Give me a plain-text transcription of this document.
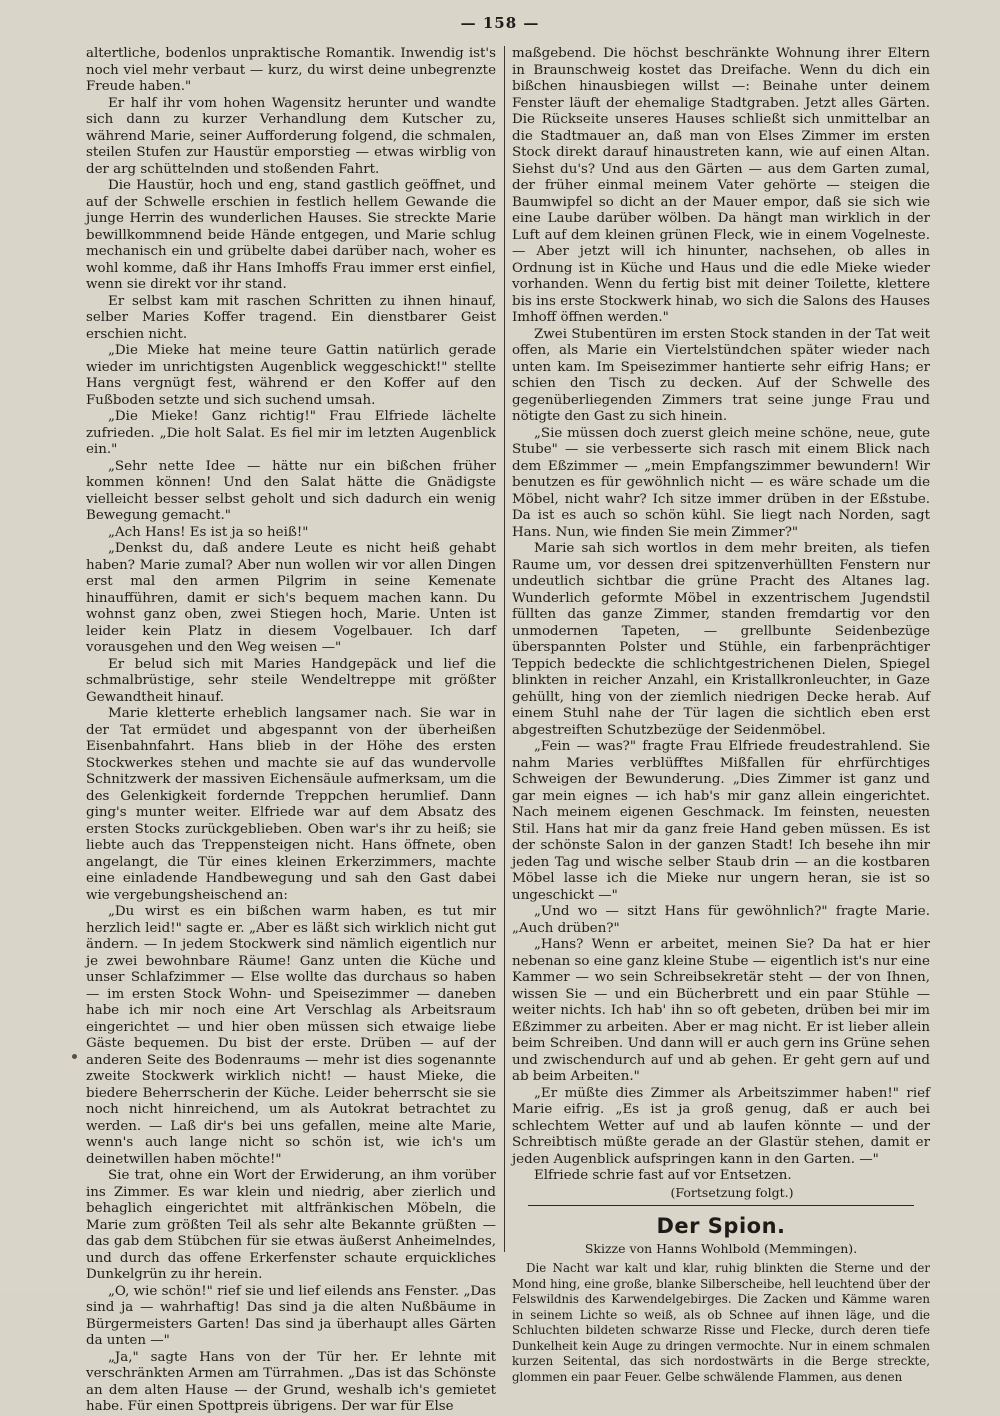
— 158 —

altertliche, bodenlos unpraktische Romantik. Inwendig ist's noch viel mehr verbaut — kurz, du wirst deine unbegrenzte Freude haben."

Er half ihr vom hohen Wagensitz herunter und wandte sich dann zu kurzer Verhandlung dem Kutscher zu, während Marie, seiner Aufforderung folgend, die schmalen, steilen Stufen zur Haustür emporstieg — etwas wirblig von der arg schüttelnden und stoßenden Fahrt.

Die Haustür, hoch und eng, stand gastlich geöffnet, und auf der Schwelle erschien in festlich hellem Gewande die junge Herrin des wunderlichen Hauses. Sie streckte Marie bewillkommnend beide Hände entgegen, und Marie schlug mechanisch ein und grübelte dabei darüber nach, woher es wohl komme, daß ihr Hans Imhoffs Frau immer erst einfiel, wenn sie direkt vor ihr stand.

Er selbst kam mit raschen Schritten zu ihnen hinauf, selber Maries Koffer tragend. Ein dienstbarer Geist erschien nicht.

„Die Mieke hat meine teure Gattin natürlich gerade wieder im unrichtigsten Augenblick weggeschickt!" stellte Hans vergnügt fest, während er den Koffer auf den Fußboden setzte und sich suchend umsah.

„Die Mieke! Ganz richtig!" Frau Elfriede lächelte zufrieden. „Die holt Salat. Es fiel mir im letzten Augenblick ein."

„Sehr nette Idee — hätte nur ein bißchen früher kommen können! Und den Salat hätte die Gnädigste vielleicht besser selbst geholt und sich dadurch ein wenig Bewegung gemacht."

„Ach Hans! Es ist ja so heiß!"

„Denkst du, daß andere Leute es nicht heiß gehabt haben? Marie zumal? Aber nun wollen wir vor allen Dingen erst mal den armen Pilgrim in seine Kemenate hinaufführen, damit er sich's bequem machen kann. Du wohnst ganz oben, zwei Stiegen hoch, Marie. Unten ist leider kein Platz in diesem Vogelbauer. Ich darf vorausgehen und den Weg weisen —"

Er belud sich mit Maries Handgepäck und lief die schmalbrüstige, sehr steile Wendeltreppe mit größter Gewandtheit hinauf.

Marie kletterte erheblich langsamer nach. Sie war in der Tat ermüdet und abgespannt von der überheißen Eisenbahnfahrt. Hans blieb in der Höhe des ersten Stockwerkes stehen und machte sie auf das wundervolle Schnitzwerk der massiven Eichensäule aufmerksam, um die des Gelenkigkeit fordernde Treppchen herumlief. Dann ging's munter weiter. Elfriede war auf dem Absatz des ersten Stocks zurückgeblieben. Oben war's ihr zu heiß; sie liebte auch das Treppensteigen nicht. Hans öffnete, oben angelangt, die Tür eines kleinen Erkerzimmers, machte eine einladende Handbewegung und sah den Gast dabei wie vergebungsheischend an:

„Du wirst es ein bißchen warm haben, es tut mir herzlich leid!" sagte er. „Aber es läßt sich wirklich nicht gut ändern. — In jedem Stockwerk sind nämlich eigentlich nur je zwei bewohnbare Räume! Ganz unten die Küche und unser Schlafzimmer — Else wollte das durchaus so haben — im ersten Stock Wohn- und Speisezimmer — daneben habe ich mir noch eine Art Verschlag als Arbeitsraum eingerichtet — und hier oben müssen sich etwaige liebe Gäste bequemen. Du bist der erste. Drüben — auf der anderen Seite des Bodenraums — mehr ist dies sogenannte zweite Stockwerk wirklich nicht! — haust Mieke, die biedere Beherrscherin der Küche. Leider beherrscht sie sie noch nicht hinreichend, um als Autokrat betrachtet zu werden. — Laß dir's bei uns gefallen, meine alte Marie, wenn's auch lange nicht so schön ist, wie ich's um deinetwillen haben möchte!"

Sie trat, ohne ein Wort der Erwiderung, an ihm vorüber ins Zimmer. Es war klein und niedrig, aber zierlich und behaglich eingerichtet mit altfränkischen Möbeln, die Marie zum größten Teil als sehr alte Bekannte grüßten — das gab dem Stübchen für sie etwas äußerst Anheimelndes, und durch das offene Erkerfenster schaute erquickliches Dunkelgrün zu ihr herein.

„O, wie schön!" rief sie und lief eilends ans Fenster. „Das sind ja — wahrhaftig! Das sind ja die alten Nußbäume in Bürgermeisters Garten! Das sind ja überhaupt alles Gärten da unten —"

„Ja," sagte Hans von der Tür her. Er lehnte mit verschränkten Armen am Türrahmen. „Das ist das Schönste an dem alten Hause — der Grund, weshalb ich's gemietet habe. Für einen Spottpreis übrigens. Der war für Else

maßgebend. Die höchst beschränkte Wohnung ihrer Eltern in Braunschweig kostet das Dreifache. Wenn du dich ein bißchen hinausbiegen willst —: Beinahe unter deinem Fenster läuft der ehemalige Stadtgraben. Jetzt alles Gärten. Die Rückseite unseres Hauses schließt sich unmittelbar an die Stadtmauer an, daß man von Elses Zimmer im ersten Stock direkt darauf hinaustreten kann, wie auf einen Altan. Siehst du's? Und aus den Gärten — aus dem Garten zumal, der früher einmal meinem Vater gehörte — steigen die Baumwipfel so dicht an der Mauer empor, daß sie sich wie eine Laube darüber wölben. Da hängt man wirklich in der Luft auf dem kleinen grünen Fleck, wie in einem Vogelneste. — Aber jetzt will ich hinunter, nachsehen, ob alles in Ordnung ist in Küche und Haus und die edle Mieke wieder vorhanden. Wenn du fertig bist mit deiner Toilette, klettere bis ins erste Stockwerk hinab, wo sich die Salons des Hauses Imhoff öffnen werden."

Zwei Stubentüren im ersten Stock standen in der Tat weit offen, als Marie ein Viertelstündchen später wieder nach unten kam. Im Speisezimmer hantierte sehr eifrig Hans; er schien den Tisch zu decken. Auf der Schwelle des gegenüberliegenden Zimmers trat seine junge Frau und nötigte den Gast zu sich hinein.

„Sie müssen doch zuerst gleich meine schöne, neue, gute Stube" — sie verbesserte sich rasch mit einem Blick nach dem Eßzimmer — „mein Empfangszimmer bewundern! Wir benutzen es für gewöhnlich nicht — es wäre schade um die Möbel, nicht wahr? Ich sitze immer drüben in der Eßstube. Da ist es auch so schön kühl. Sie liegt nach Norden, sagt Hans. Nun, wie finden Sie mein Zimmer?"

Marie sah sich wortlos in dem mehr breiten, als tiefen Raume um, vor dessen drei spitzenverhüllten Fenstern nur undeutlich sichtbar die grüne Pracht des Altanes lag. Wunderlich geformte Möbel in exzentrischem Jugendstil füllten das ganze Zimmer, standen fremdartig vor den unmodernen Tapeten, — grellbunte Seidenbezüge überspannten Polster und Stühle, ein farbenprächtiger Teppich bedeckte die schlichtgestrichenen Dielen, Spiegel blinkten in reicher Anzahl, ein Kristallkronleuchter, in Gaze gehüllt, hing von der ziemlich niedrigen Decke herab. Auf einem Stuhl nahe der Tür lagen die sichtlich eben erst abgestreiften Schutzbezüge der Seidenmöbel.

„Fein — was?" fragte Frau Elfriede freudestrahlend. Sie nahm Maries verblüfftes Mißfallen für ehrfürchtiges Schweigen der Bewunderung. „Dies Zimmer ist ganz und gar mein eignes — ich hab's mir ganz allein eingerichtet. Nach meinem eigenen Geschmack. Im feinsten, neuesten Stil. Hans hat mir da ganz freie Hand geben müssen. Es ist der schönste Salon in der ganzen Stadt! Ich besehe ihn mir jeden Tag und wische selber Staub drin — an die kostbaren Möbel lasse ich die Mieke nur ungern heran, sie ist so ungeschickt —"

„Und wo — sitzt Hans für gewöhnlich?" fragte Marie. „Auch drüben?"

„Hans? Wenn er arbeitet, meinen Sie? Da hat er hier nebenan so eine ganz kleine Stube — eigentlich ist's nur eine Kammer — wo sein Schreibsekretär steht — der von Ihnen, wissen Sie — und ein Bücherbrett und ein paar Stühle — weiter nichts. Ich hab' ihn so oft gebeten, drüben bei mir im Eßzimmer zu arbeiten. Aber er mag nicht. Er ist lieber allein beim Schreiben. Und dann will er auch gern ins Grüne sehen und zwischendurch auf und ab gehen. Er geht gern auf und ab beim Arbeiten."

„Er müßte dies Zimmer als Arbeitszimmer haben!" rief Marie eifrig. „Es ist ja groß genug, daß er auch bei schlechtem Wetter auf und ab laufen könnte — und der Schreibtisch müßte gerade an der Glastür stehen, damit er jeden Augenblick aufspringen kann in den Garten. —"

Elfriede schrie fast auf vor Entsetzen.

(Fortsetzung folgt.)

Der Spion.
Skizze von Hanns Wohlbold (Memmingen).

Die Nacht war kalt und klar, ruhig blinkten die Sterne und der Mond hing, eine große, blanke Silberscheibe, hell leuchtend über der Felswildnis des Karwendelgebirges. Die Zacken und Kämme waren in seinem Lichte so weiß, als ob Schnee auf ihnen läge, und die Schluchten bildeten schwarze Risse und Flecke, durch deren tiefe Dunkelheit kein Auge zu dringen vermochte. Nur in einem schmalen kurzen Seitental, das sich nordostwärts in die Berge streckte, glommen ein paar Feuer. Gelbe schwälende Flammen, aus denen
